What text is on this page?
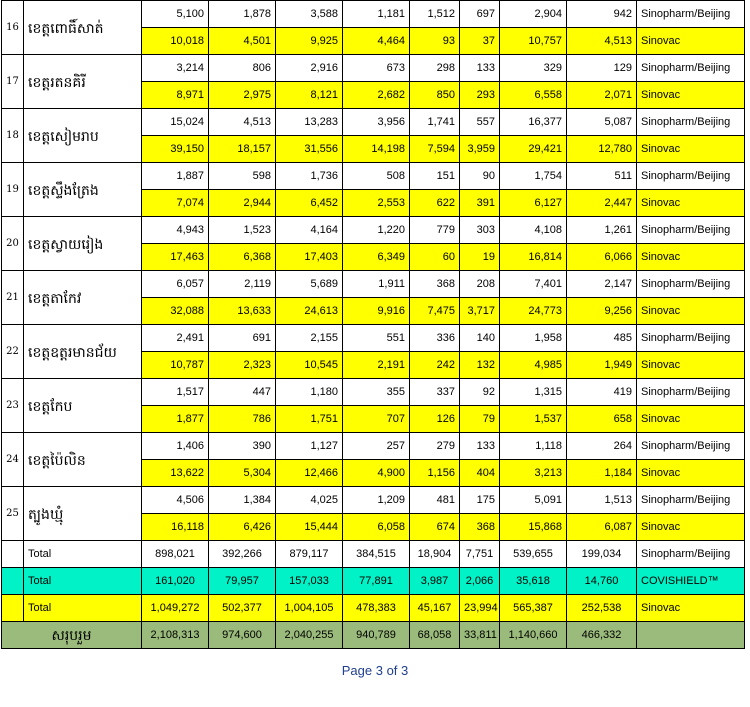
16	ខេត្តពោធិ៍សាត់	5,100	1,878	3,588	1,181	1,512	697	2,904	942	Sinopharm/Beijing
		10,018	4,501	9,925	4,464	93	37	10,757	4,513	Sinovac
17	ខេត្តរតនគិរី	3,214	806	2,916	673	298	133	329	129	Sinopharm/Beijing
		8,971	2,975	8,121	2,682	850	293	6,558	2,071	Sinovac
18	ខេត្តសៀមរាប	15,024	4,513	13,283	3,956	1,741	557	16,377	5,087	Sinopharm/Beijing
		39,150	18,157	31,556	14,198	7,594	3,959	29,421	12,780	Sinovac
19	ខេត្តស្ទឹងត្រែង	1,887	598	1,736	508	151	90	1,754	511	Sinopharm/Beijing
		7,074	2,944	6,452	2,553	622	391	6,127	2,447	Sinovac
20	ខេត្តស្វាយរៀង	4,943	1,523	4,164	1,220	779	303	4,108	1,261	Sinopharm/Beijing
		17,463	6,368	17,403	6,349	60	19	16,814	6,066	Sinovac
21	ខេត្តតាកែវ	6,057	2,119	5,689	1,911	368	208	7,401	2,147	Sinopharm/Beijing
		32,088	13,633	24,613	9,916	7,475	3,717	24,773	9,256	Sinovac
22	ខេត្តឧត្តរមានជ័យ	2,491	691	2,155	551	336	140	1,958	485	Sinopharm/Beijing
		10,787	2,323	10,545	2,191	242	132	4,985	1,949	Sinovac
23	ខេត្តកែប	1,517	447	1,180	355	337	92	1,315	419	Sinopharm/Beijing
		1,877	786	1,751	707	126	79	1,537	658	Sinovac
24	ខេត្តប៉ៃលិន	1,406	390	1,127	257	279	133	1,118	264	Sinopharm/Beijing
		13,622	5,304	12,466	4,900	1,156	404	3,213	1,184	Sinovac
25	ត្បូងឃ្មុំ	4,506	1,384	4,025	1,209	481	175	5,091	1,513	Sinopharm/Beijing
		16,118	6,426	15,444	6,058	674	368	15,868	6,087	Sinovac
	Total	898,021	392,266	879,117	384,515	18,904	7,751	539,655	199,034	Sinopharm/Beijing
	Total	161,020	79,957	157,033	77,891	3,987	2,066	35,618	14,760	COVISHIELD™
	Total	1,049,272	502,377	1,004,105	478,383	45,167	23,994	565,387	252,538	Sinovac
សរុបរួម		2,108,313	974,600	2,040,255	940,789	68,058	33,811	1,140,660	466,332	
Page 3 of 3
